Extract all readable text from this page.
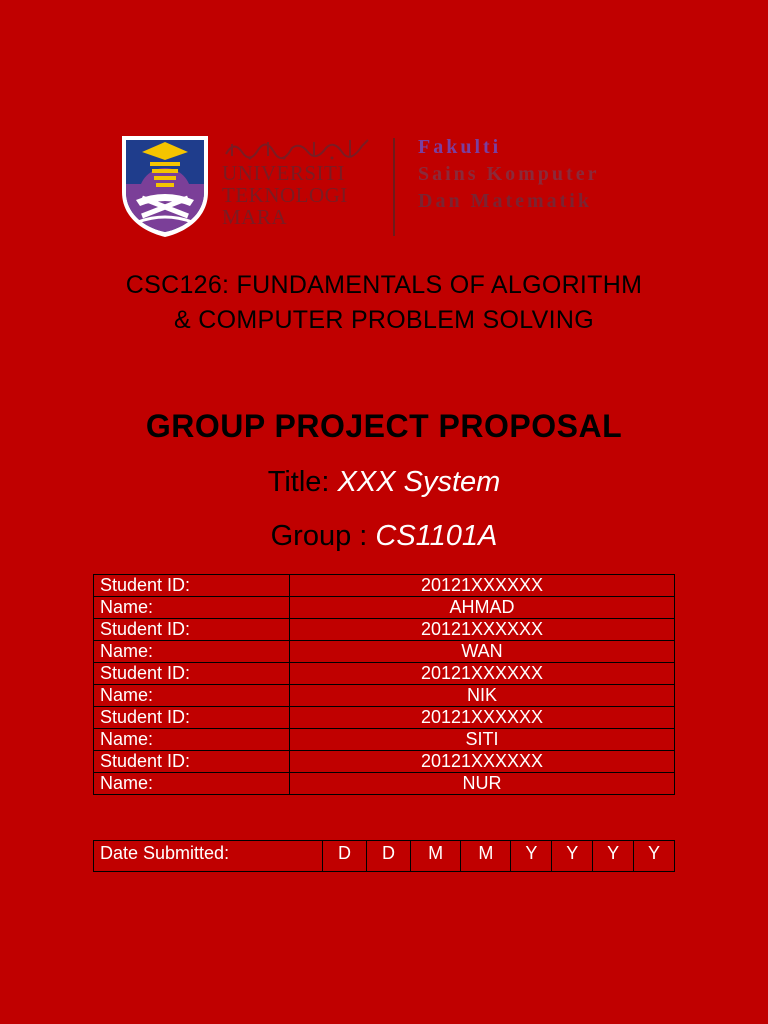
UNIVERSITI
TEKNOLOGI
MARA
Fakulti
Sains Komputer
Dan Matematik
CSC126: FUNDAMENTALS OF ALGORITHM
& COMPUTER PROBLEM SOLVING
GROUP PROJECT PROPOSAL
Title: XXX System
Group : CS1101A
Student ID:	20121XXXXXX
Name:	AHMAD
Student ID:	20121XXXXXX
Name:	WAN
Student ID:	20121XXXXXX
Name:	NIK
Student ID:	20121XXXXXX
Name:	SITI
Student ID:	20121XXXXXX
Name:	NUR
Date Submitted:	D	D	M	M	Y	Y	Y	Y
